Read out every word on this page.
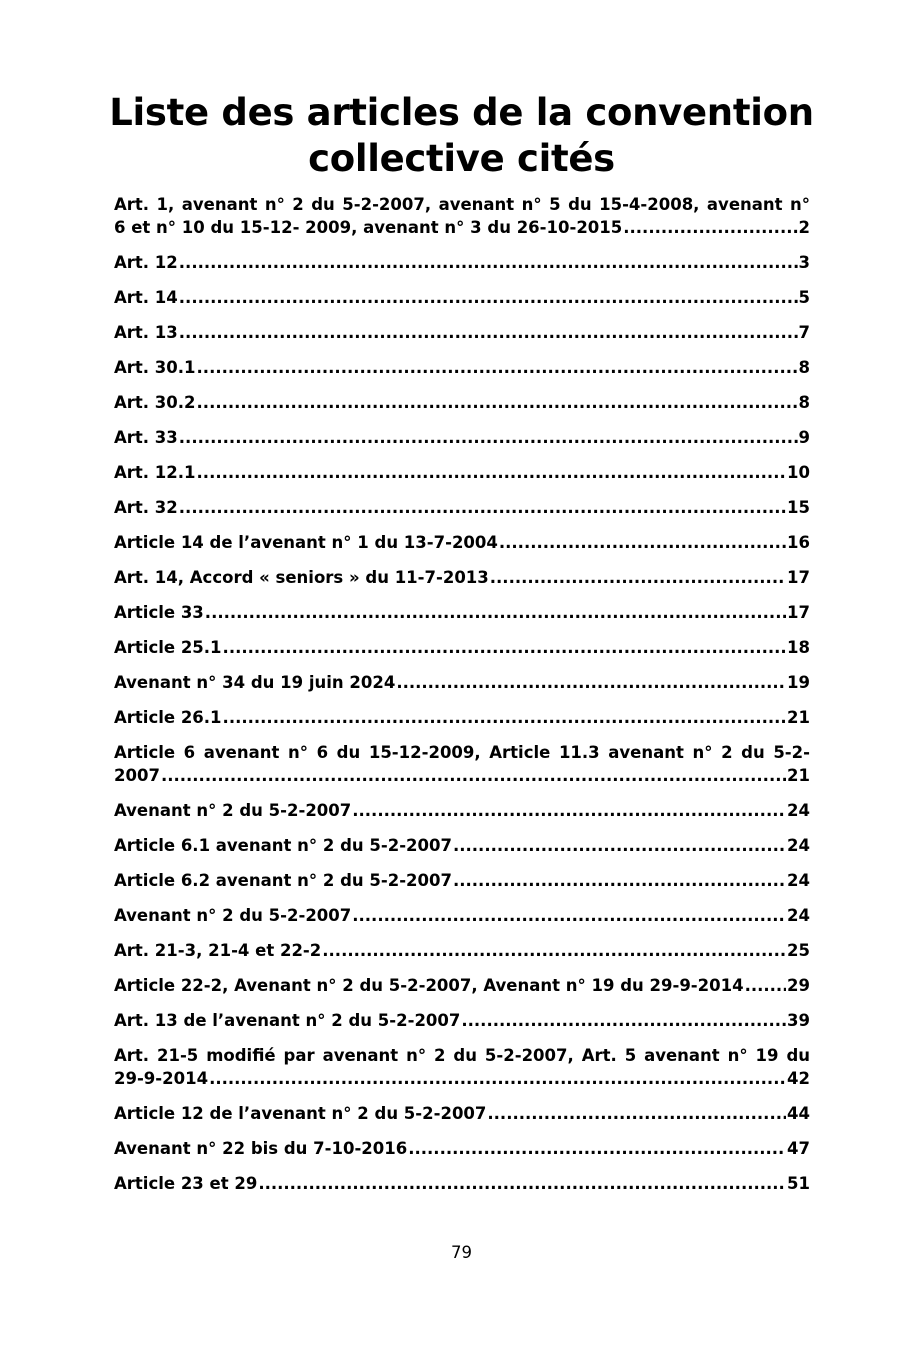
Liste des articles de la convention collective cités
Art. 1, avenant n° 2 du 5-2-2007, avenant n° 5 du 15-4-2008, avenant n°
6 et n° 10 du 15-12- 2009, avenant n° 3 du 26-10-2015 .....	2
Art. 12 .....	3
Art. 14 .....	5
Art. 13 .....	7
Art. 30.1 .....	8
Art. 30.2 .....	8
Art. 33 .....	9
Art. 12.1 .....	10
Art. 32 .....	15
Article 14 de l’avenant n° 1 du 13-7-2004 .....	16
Art. 14, Accord « seniors » du 11-7-2013 .....	17
Article 33 .....	17
Article 25.1 .....	18
Avenant n° 34 du 19 juin 2024 .....	19
Article 26.1 .....	21
Article 6 avenant n° 6 du 15-12-2009, Article 11.3 avenant n° 2 du 5-2-
2007 .....	21
Avenant n° 2 du 5-2-2007 .....	24
Article 6.1 avenant n° 2 du 5-2-2007 .....	24
Article 6.2 avenant n° 2 du 5-2-2007 .....	24
Avenant n° 2 du 5-2-2007 .....	24
Art. 21-3, 21-4 et 22-2 .....	25
Article 22-2, Avenant n° 2 du 5-2-2007, Avenant n° 19 du 29-9-2014 .....	29
Art. 13 de l’avenant n° 2 du 5-2-2007 .....	39
Art. 21-5 modifié par avenant n° 2 du 5-2-2007, Art. 5 avenant n° 19 du
29-9-2014 .....	42
Article 12 de l’avenant n° 2 du 5-2-2007 .....	44
Avenant n° 22 bis du 7-10-2016 .....	47
Article 23 et 29 .....	51
79
